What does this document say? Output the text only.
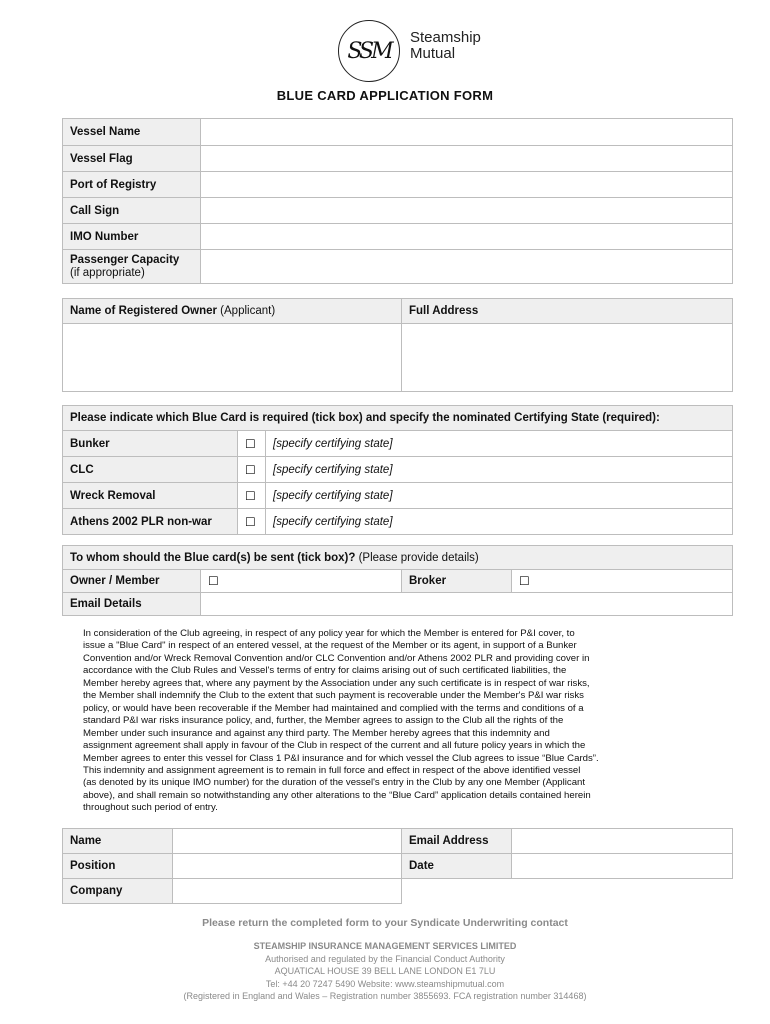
SSM
Steamship
Mutual
BLUE CARD APPLICATION FORM
Vessel Name	
Vessel Flag	
Port of Registry	
Call Sign	
IMO Number	

Passenger Capacity
(if appropriate)	

Name of Registered Owner (Applicant)	Full Address

Please indicate which Blue Card is required (tick box) and specify the nominated Certifying State (required):		
Bunker	☐	[specify certifying state]
CLC	☐	[specify certifying state]
Wreck Removal	☐	[specify certifying state]
Athens 2002 PLR non-war	☐	[specify certifying state]
To whom should the Blue card(s) be sent (tick box)? (Please provide details)			
Owner / Member	☐	Broker	☐
Email Details			
In consideration of the Club agreeing, in respect of any policy year for which the Member is entered for P&I cover, to
issue a "Blue Card" in respect of an entered vessel, at the request of the Member or its agent, in support of a Bunker
Convention and/or Wreck Removal Convention and/or CLC Convention and/or Athens 2002 PLR and providing cover in
accordance with the Club Rules and Vessel's terms of entry for claims arising out of such certificated liabilities, the
Member hereby agrees that, where any payment by the Association under any such certificate is in respect of war risks,
the Member shall indemnify the Club to the extent that such payment is recoverable under the Member's P&I war risks
policy, or would have been recoverable if the Member had maintained and complied with the terms and conditions of a
standard P&I war risks insurance policy, and, further, the Member agrees to assign to the Club all the rights of the
Member under such insurance and against any third party. The Member hereby agrees that this indemnity and
assignment agreement shall apply in favour of the Club in respect of the current and all future policy years in which the
Member agrees to enter this vessel for Class 1 P&I insurance and for which vessel the Club agrees to issue “Blue Cards”.
This indemnity and assignment agreement is to remain in full force and effect in respect of the above identified vessel
(as denoted by its unique IMO number) for the duration of the vessel's entry in the Club by any one Member (Applicant
above), and shall remain so notwithstanding any other alterations to the “Blue Card” application details contained herein
throughout such period of entry.
Name		Email Address	
Position		Date	
Company			
Please return the completed form to your Syndicate Underwriting contact
STEAMSHIP INSURANCE MANAGEMENT SERVICES LIMITED
Authorised and regulated by the Financial Conduct Authority
AQUATICAL HOUSE 39 BELL LANE LONDON E1 7LU
Tel: +44 20 7247 5490 Website: www.steamshipmutual.com
(Registered in England and Wales – Registration number 3855693. FCA registration number 314468)
